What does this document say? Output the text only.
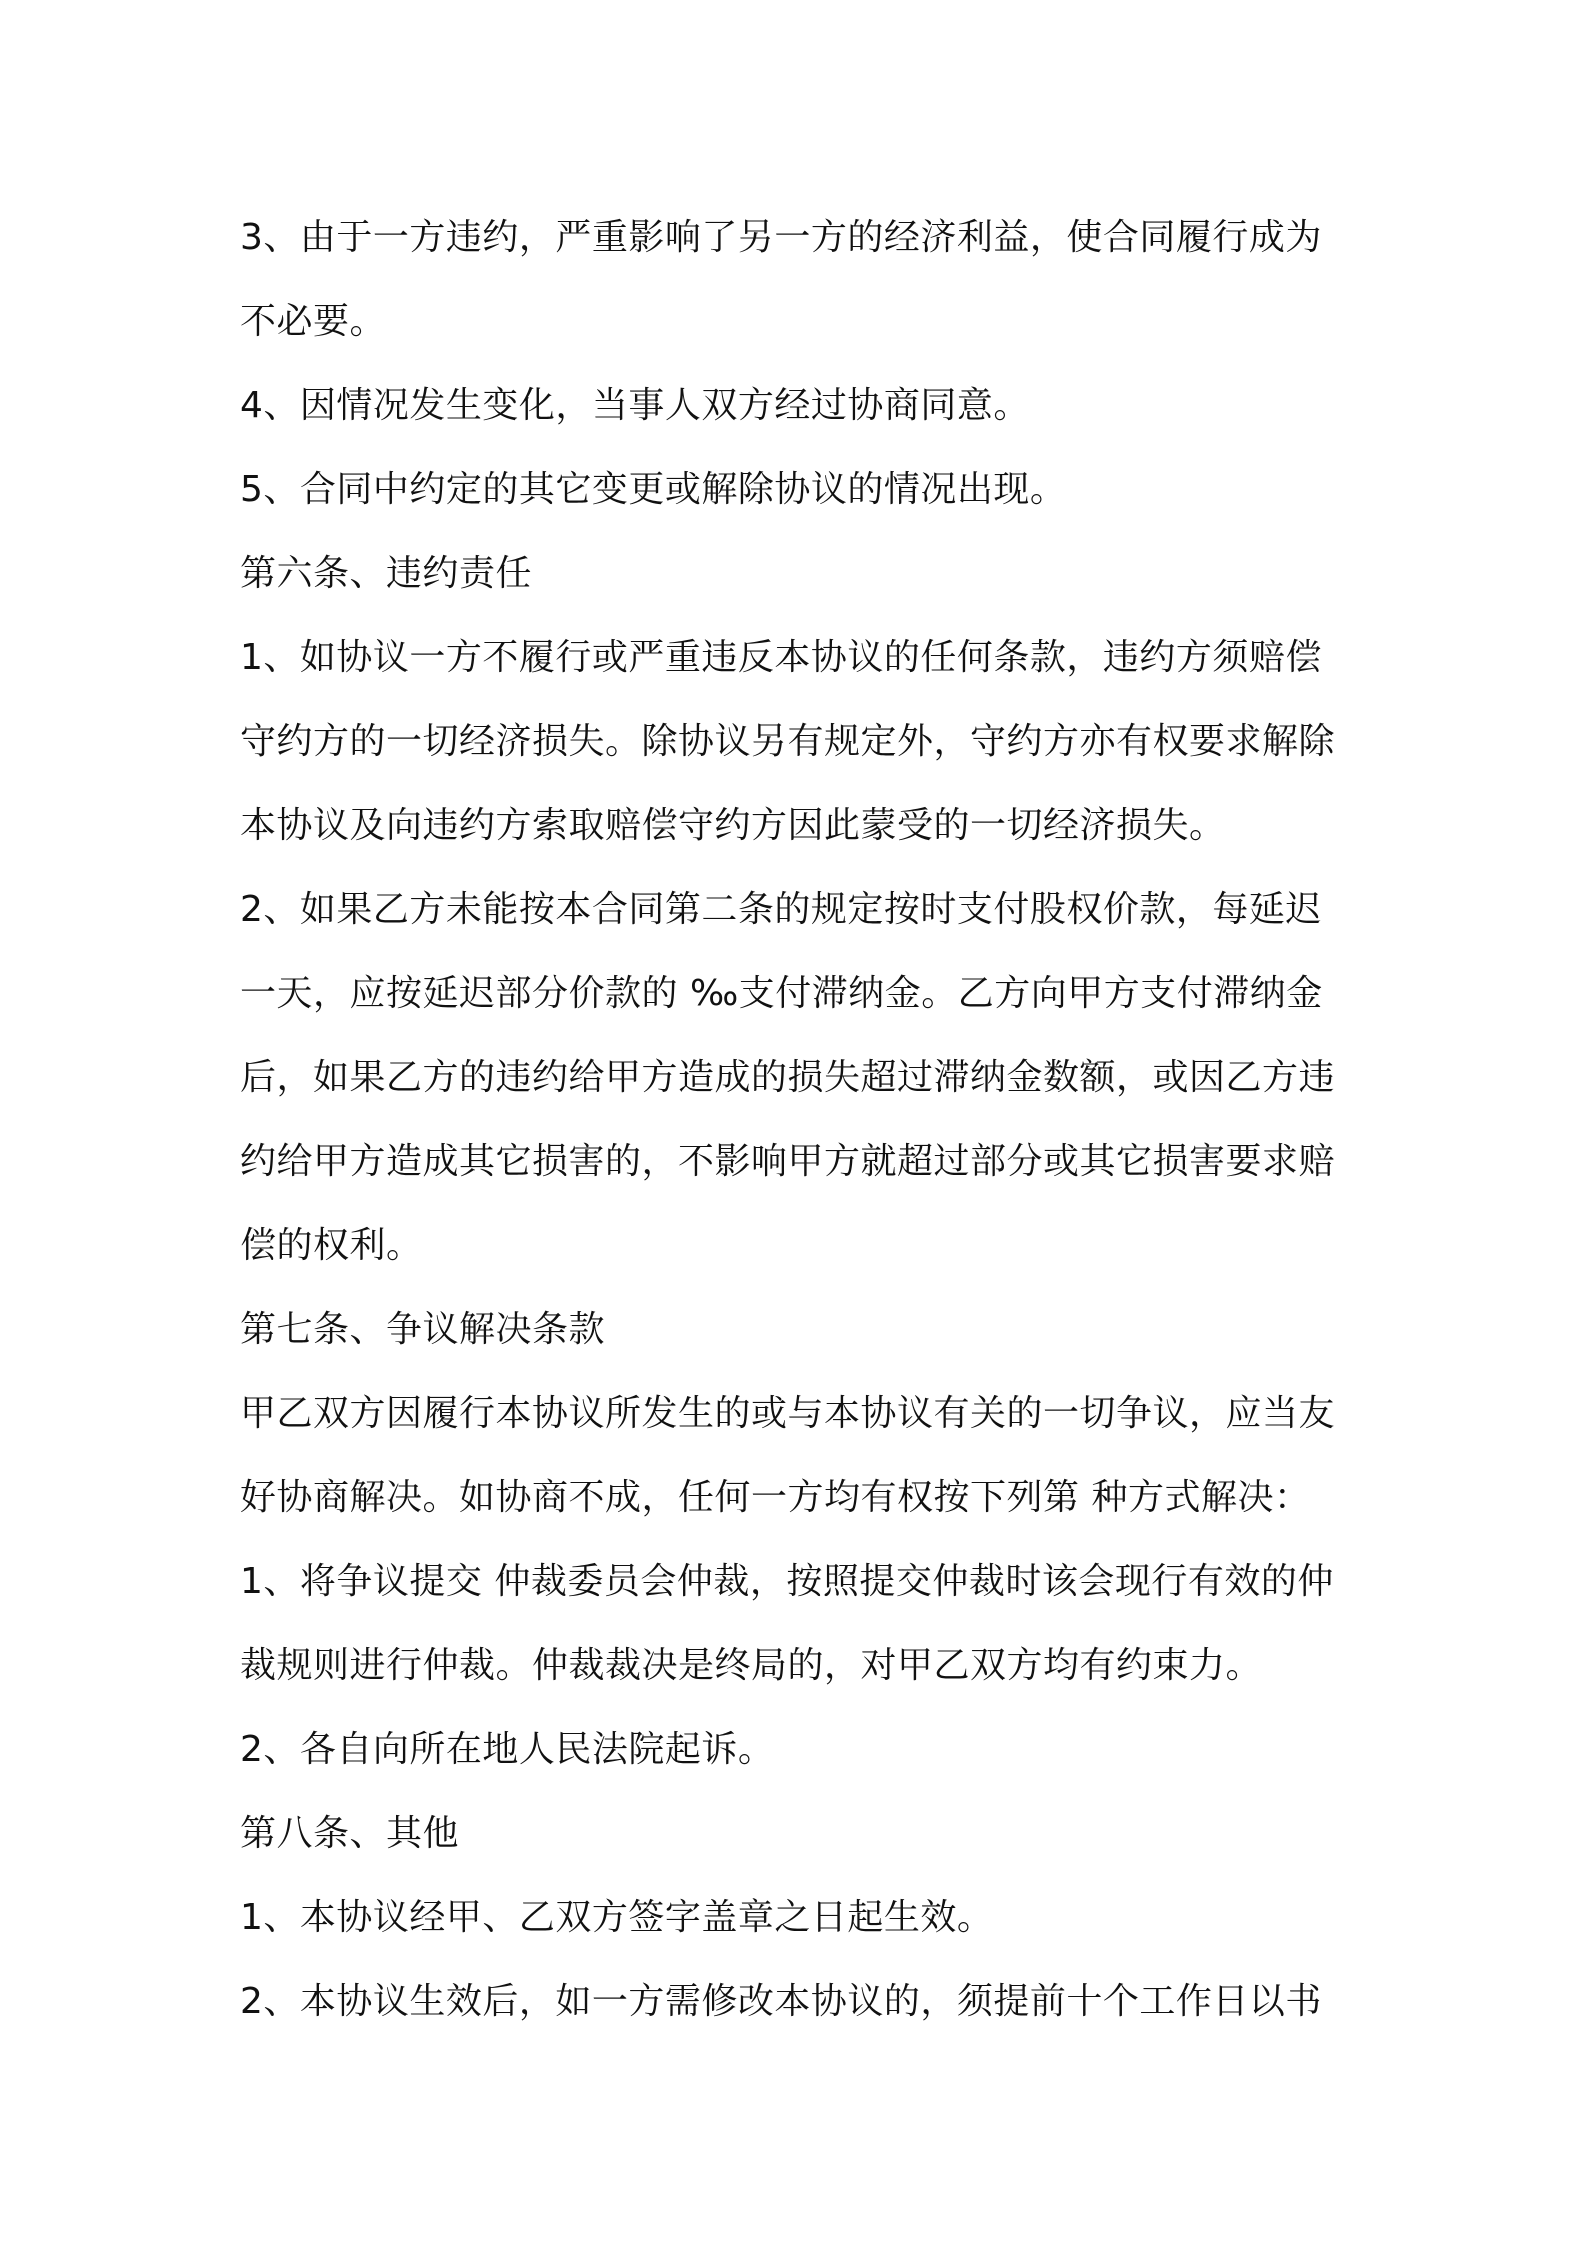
3、由于一方违约，严重影响了另一方的经济利益，使合同履行成为
不必要。
4、因情况发生变化，当事人双方经过协商同意。
5、合同中约定的其它变更或解除协议的情况出现。
第六条、违约责任
1、如协议一方不履行或严重违反本协议的任何条款，违约方须赔偿
守约方的一切经济损失。除协议另有规定外，守约方亦有权要求解除
本协议及向违约方索取赔偿守约方因此蒙受的一切经济损失。
2、如果乙方未能按本合同第二条的规定按时支付股权价款，每延迟
一天，应按延迟部分价款的 ‰支付滞纳金。乙方向甲方支付滞纳金
后，如果乙方的违约给甲方造成的损失超过滞纳金数额，或因乙方违
约给甲方造成其它损害的，不影响甲方就超过部分或其它损害要求赔
偿的权利。
第七条、争议解决条款
甲乙双方因履行本协议所发生的或与本协议有关的一切争议，应当友
好协商解决。如协商不成，任何一方均有权按下列第 种方式解决：
1、将争议提交 仲裁委员会仲裁，按照提交仲裁时该会现行有效的仲
裁规则进行仲裁。仲裁裁决是终局的，对甲乙双方均有约束力。
2、各自向所在地人民法院起诉。
第八条、其他
1、本协议经甲、乙双方签字盖章之日起生效。
2、本协议生效后，如一方需修改本协议的，须提前十个工作日以书
